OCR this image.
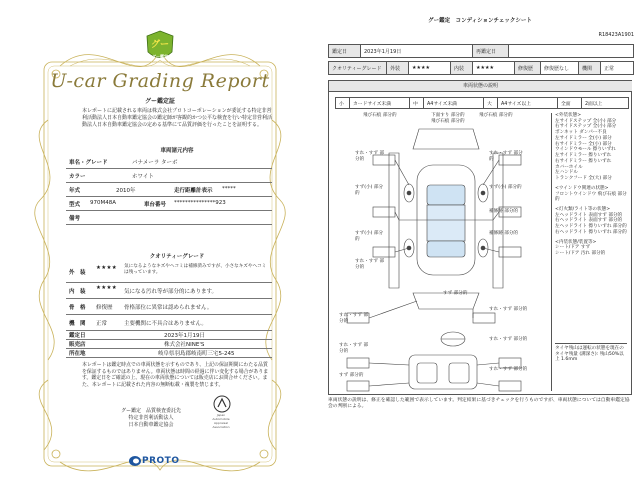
グー
グー鑑定
U-car Grading Report
グー鑑定証
本レポートに記載される車両は株式会社プロトコーポレーションが委託する特定非営利活動法人日本自動車鑑定協会の鑑定師が客観的かつ公平な検査を行い特定非営利活動法人日本自動車鑑定協会の定める基準にて品質評価を行ったことを証明する。
車両諸元内容
車名・グレード	パナメーラ ターボ
カラー	ホワイト
年式	2010年	走行距離計表示 *****
型式 970M48A	車台番号 ***************923
備考
クオリティーグレード
外　装
★★★★ 気になるようなキズやヘコミは補修済みですが、小さなキズやヘコミは残っています。
内　装
★★★★
気になる汚れ等が部分的にあります。
骨　格 修復歴 骨格部位に異常は認められません。
機　関 正常	主要機関に不具合はありません。
鑑定日	2023年1月19日
販売店	株式会社NINE'S
所在地	岐阜県羽島郡岐南町三宅5-245
本レポートは鑑定時点での車両状態を示すものであり、上記の保証期間にわたる品質を保証するものではありません。車両状態は時間の経過に伴い変化する場合があります。鑑定日をご確認の上、現在の車両状態については販売店にお問合せください。また、本レポートに記載された内容の無断転載・複製を禁じます。
グー鑑定　品質検査委託先
特定非営利活動法人
日本自動車鑑定協会
Japan Automobile Appraisal Association
PROTO
グー鑑定　コンディションチェックシート
R18423A1901
鑑定日	2023年1月19日	再鑑定日
クオリティーグレード	外装	★★★★	内装	★★★★	修復歴	修復歴なし	機関	正常
車両状態の説明
小	カードサイズ未満	中	A4サイズ未満	大	A4サイズ以上	全面	2面以上
飛び石痕 部分的	下面すり 部分的
飛び石痕 部分的
飛び石痕 部分的
すれ・すず 部分的
すれ・すず 部分的
すず(小) 部分的
すず(小) 部分的
補修跡 部分的
すず(小) 部分的
補修跡 部分的
すれ・すず 部分的
すず 部分的
すれ・すず 部分的
すれ・すず 部分的
すれ・すず 部分的
すれ・すず 部分的
すれ・すず 部分的
すず 部分的
<外装状態>
左サイドステップ 全(小) 部分
右サイドステップ 全(小) 部分
ボンネット ダンパー不良
左サイドミラー 全(小) 部分
右サイドミラー 全(小) 部分
ウインドウモール 擦りいずれ
左サイドミラー 擦りいずれ
右サイドミラー 擦りいずれ
カバーホイル
左ハンドル
トランクフード 全(大) 部分
<ウインドウ関連の状態>
フロントウインドウ 飛び石痕 部分的
<灯火類/ライト等の状態>
左ヘッドライト 表面すず 部分的
右ヘッドライト 表面すず 部分的
左ヘッドライト 擦りいずれ 部分的
右ヘッドライト 擦りいずれ 部分的
<内装状態/装置等>
シート/ドア すず
シート/ドア 汚れ 部分的
タイヤ残山は運転の状態を現在のタイヤ残量 (溝深さ): 残山50%以上 1.6mm
車両状態の説明は、修正を確認した範囲で表示しています。判定結果に基づきチェックを行うものですが、車両状態については自動車鑑定協会の判断による。
